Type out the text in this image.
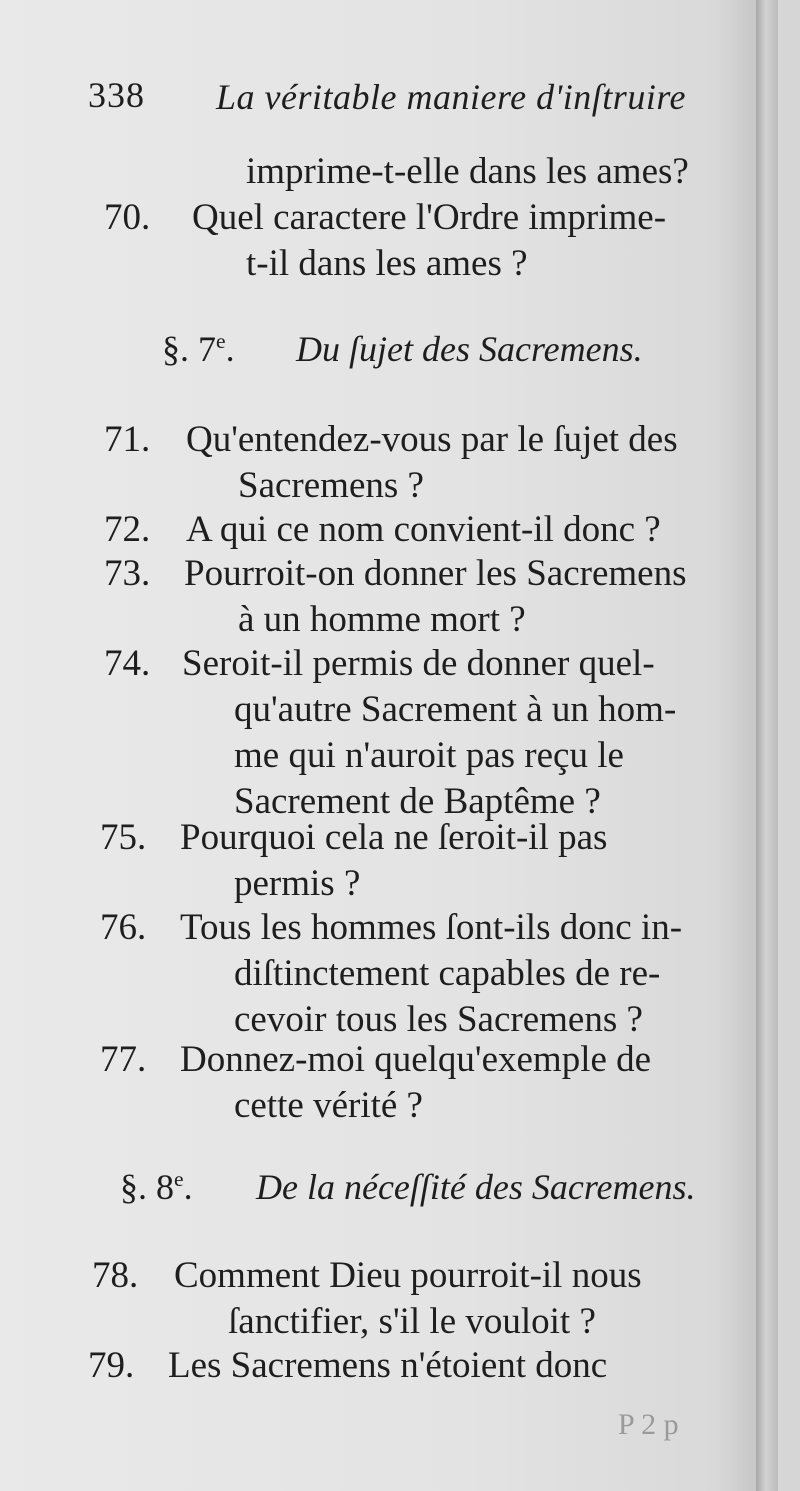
338 La véritable maniere d'inſtruire
imprime-t-elle dans les ames?
70. Quel caractere l'Ordre imprime-
t-il dans les ames ?
§. 7e. Du ſujet des Sacremens.
71. Qu'entendez-vous par le ſujet des
Sacremens ?
72. A qui ce nom convient-il donc ?
73. Pourroit-on donner les Sacremens
à un homme mort ?
74. Seroit-il permis de donner quel-
qu'autre Sacrement à un hom-
me qui n'auroit pas reçu le
Sacrement de Baptême ?
75. Pourquoi cela ne ſeroit-il pas
permis ?
76. Tous les hommes ſont-ils donc in-
diſtinctement capables de re-
cevoir tous les Sacremens ?
77. Donnez-moi quelqu'exemple de
cette vérité ?
§. 8e. De la néceſſité des Sacremens.
78. Comment Dieu pourroit-il nous
ſanctifier, s'il le vouloit ?
79. Les Sacremens n'étoient donc
P 2 p
